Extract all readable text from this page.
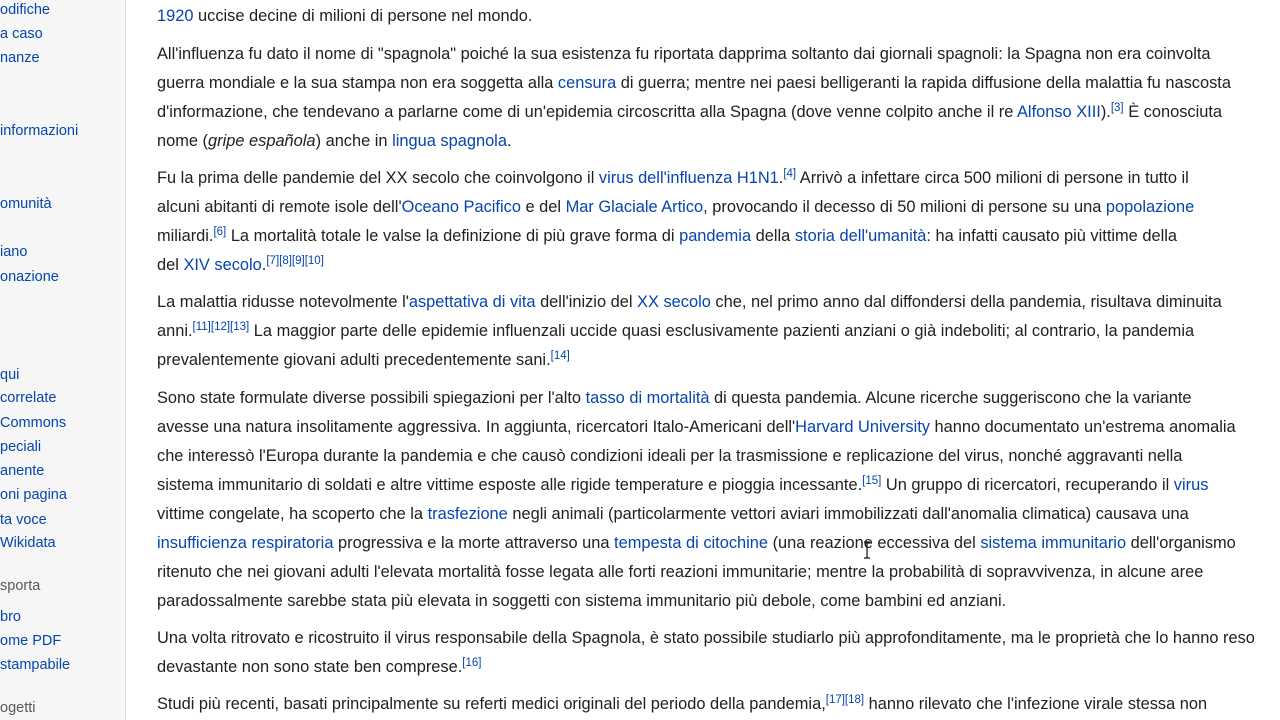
odifiche
a caso
nanze
informazioni
omunità
iano
onazione
qui
correlate
Commons
peciali
anente
oni pagina
ta voce
Wikidata
sporta
bro
ome PDF
stampabile
ogetti
1920 uccise decine di milioni di persone nel mondo.
All'influenza fu dato il nome di "spagnola" poiché la sua esistenza fu riportata dapprima soltanto dai giornali spagnoli: la Spagna non era coinvolta
guerra mondiale e la sua stampa non era soggetta alla censura di guerra; mentre nei paesi belligeranti la rapida diffusione della malattia fu nascosta
d'informazione, che tendevano a parlarne come di un'epidemia circoscritta alla Spagna (dove venne colpito anche il re Alfonso XIII).[3] È conosciuta
nome (gripe española) anche in lingua spagnola.
Fu la prima delle pandemie del XX secolo che coinvolgono il virus dell'influenza H1N1.[4] Arrivò a infettare circa 500 milioni di persone in tutto il
alcuni abitanti di remote isole dell'Oceano Pacifico e del Mar Glaciale Artico, provocando il decesso di 50 milioni di persone su una popolazione
miliardi.[6] La mortalità totale le valse la definizione di più grave forma di pandemia della storia dell'umanità: ha infatti causato più vittime della
del XIV secolo.[7][8][9][10]
La malattia ridusse notevolmente l'aspettativa di vita dell'inizio del XX secolo che, nel primo anno dal diffondersi della pandemia, risultava diminuita
anni.[11][12][13] La maggior parte delle epidemie influenzali uccide quasi esclusivamente pazienti anziani o già indeboliti; al contrario, la pandemia
prevalentemente giovani adulti precedentemente sani.[14]
Sono state formulate diverse possibili spiegazioni per l'alto tasso di mortalità di questa pandemia. Alcune ricerche suggeriscono che la variante
avesse una natura insolitamente aggressiva. In aggiunta, ricercatori Italo-Americani dell'Harvard University hanno documentato un'estrema anomalia
che interessò l'Europa durante la pandemia e che causò condizioni ideali per la trasmissione e replicazione del virus, nonché aggravanti nella
sistema immunitario di soldati e altre vittime esposte alle rigide temperature e pioggia incessante.[15] Un gruppo di ricercatori, recuperando il virus
vittime congelate, ha scoperto che la trasfezione negli animali (particolarmente vettori aviari immobilizzati dall'anomalia climatica) causava una
insufficienza respiratoria progressiva e la morte attraverso una tempesta di citochine (una reazione eccessiva del sistema immunitario dell'organismo
ritenuto che nei giovani adulti l'elevata mortalità fosse legata alle forti reazioni immunitarie; mentre la probabilità di sopravvivenza, in alcune aree
paradossalmente sarebbe stata più elevata in soggetti con sistema immunitario più debole, come bambini ed anziani.
Una volta ritrovato e ricostruito il virus responsabile della Spagnola, è stato possibile studiarlo più approfonditamente, ma le proprietà che lo hanno reso
devastante non sono state ben comprese.[16]
Studi più recenti, basati principalmente su referti medici originali del periodo della pandemia,[17][18] hanno rilevato che l'infezione virale stessa non
